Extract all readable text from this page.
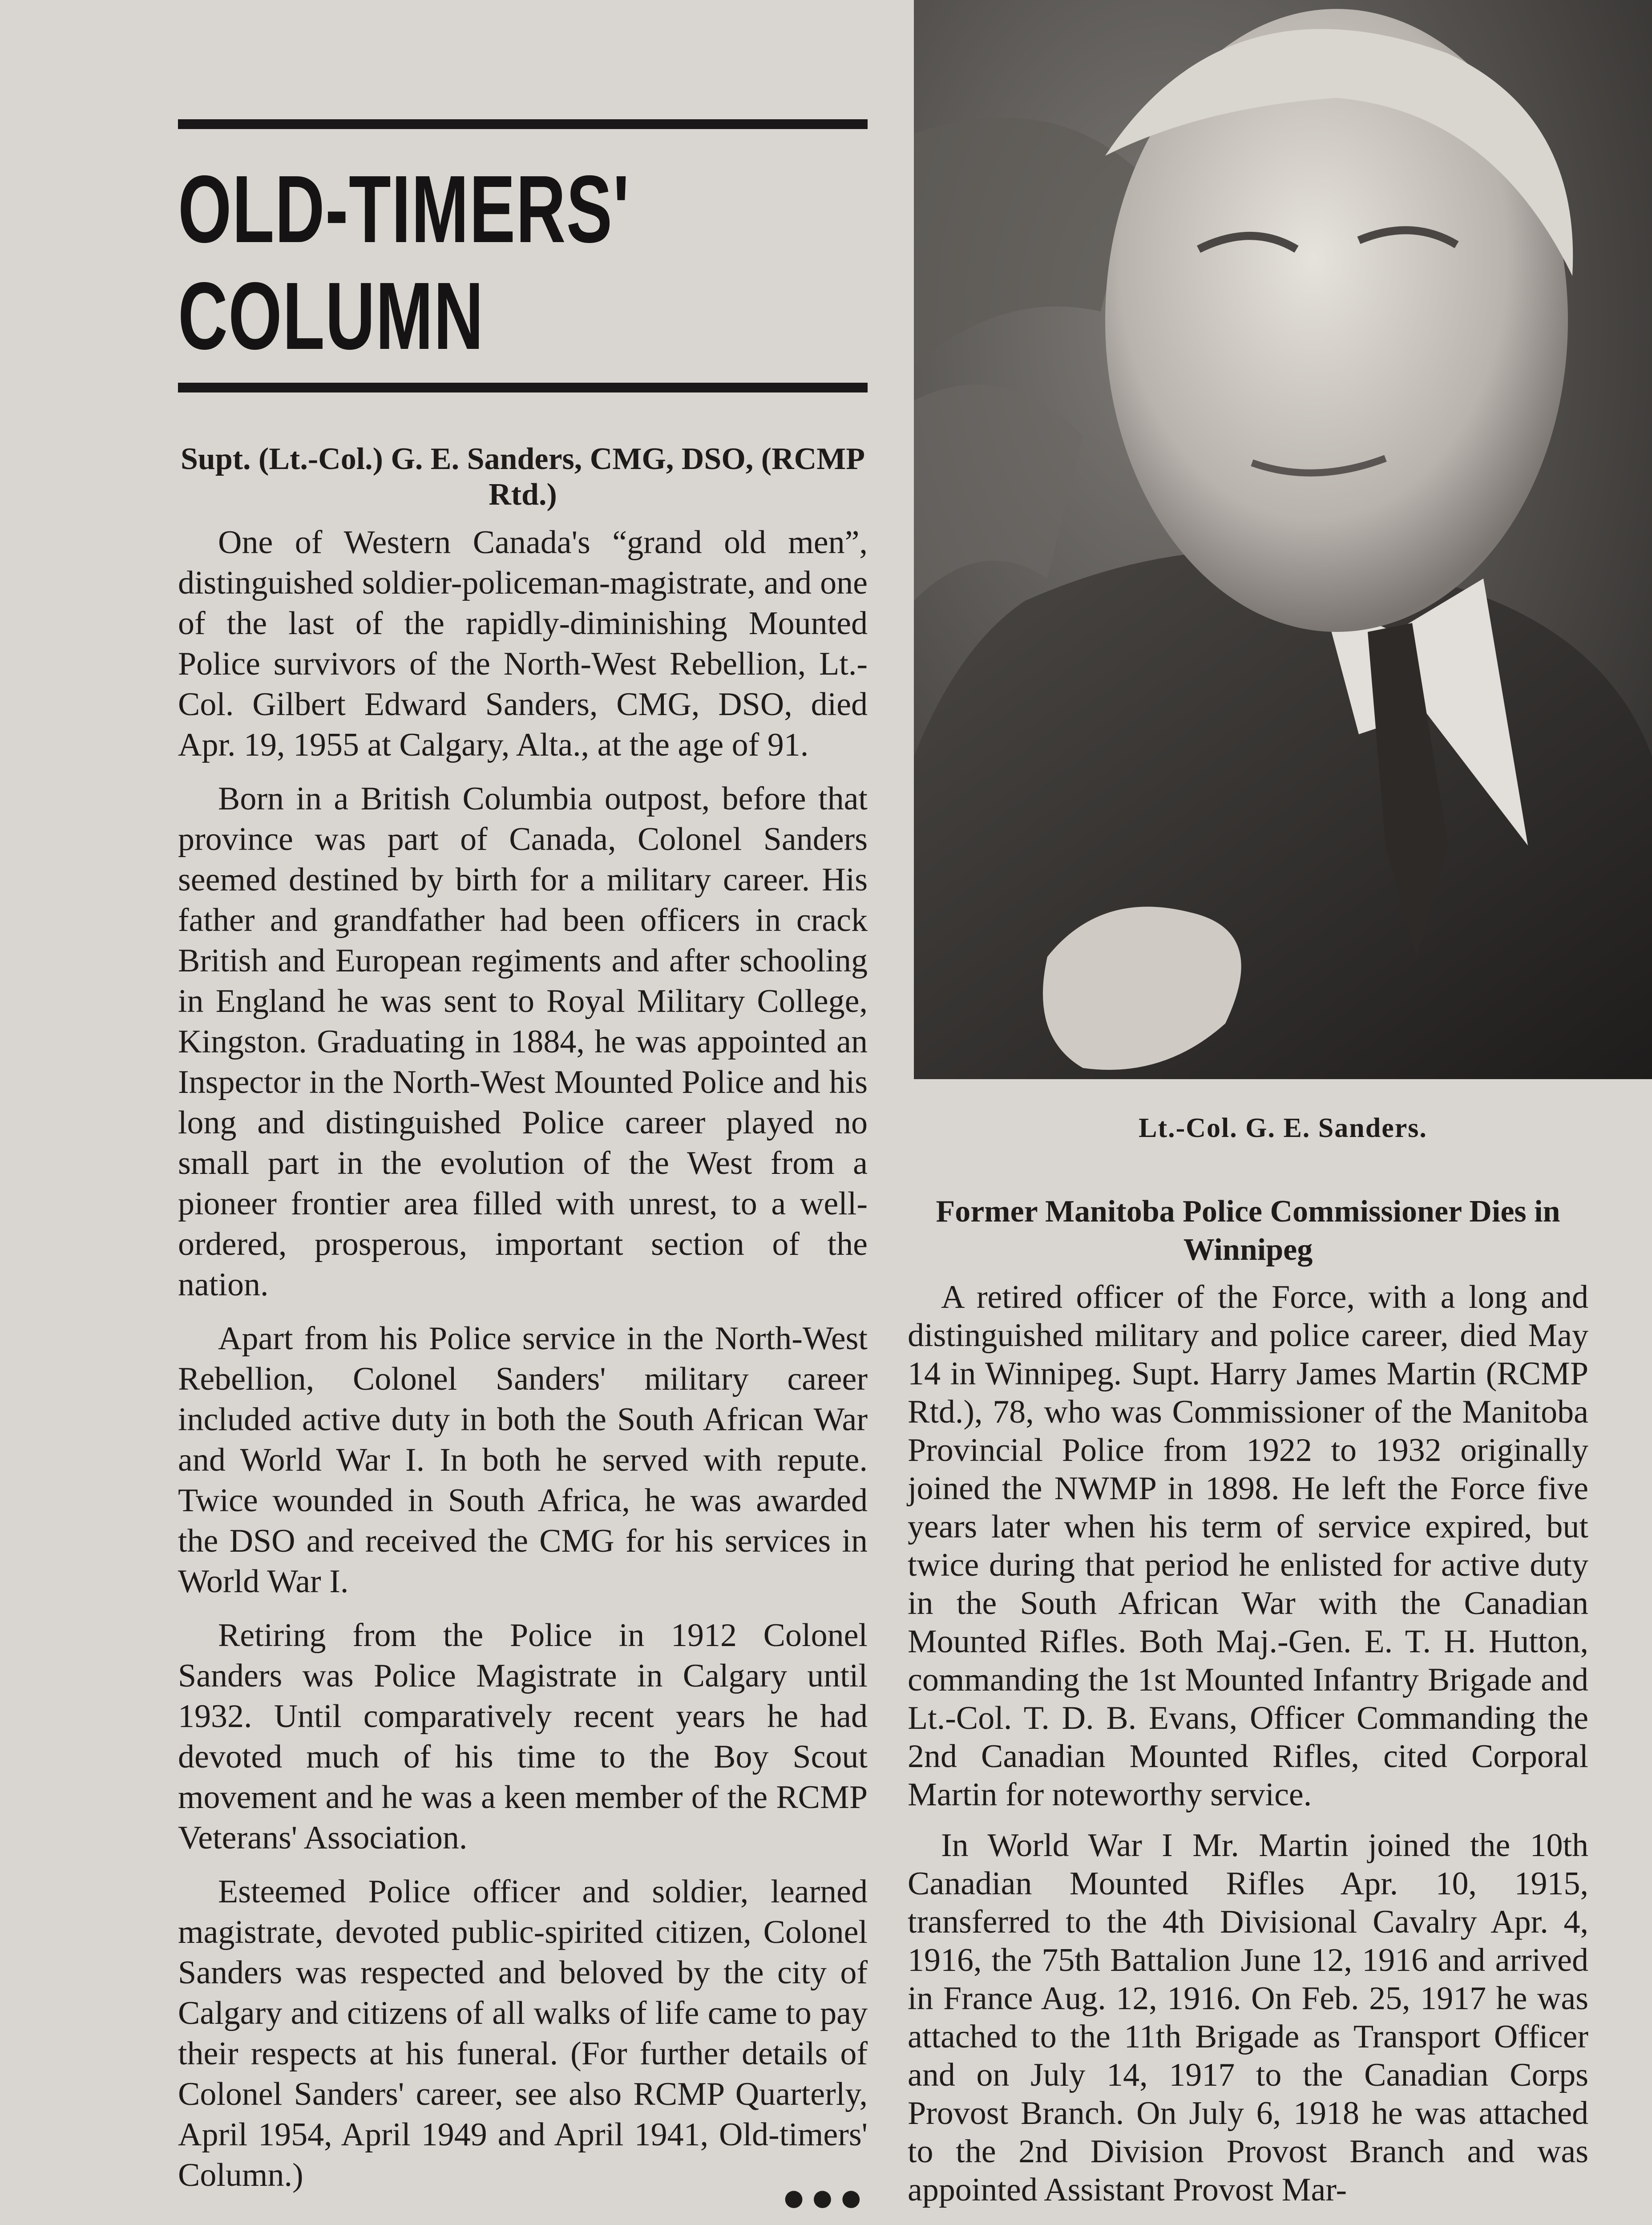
OLD-TIMERS'
COLUMN
Supt. (Lt.-Col.) G. E. Sanders, CMG, DSO, (RCMP Rtd.)

One of Western Canada's “grand old men”, distinguished soldier-policeman-magistrate, and one of the last of the rapidly-diminishing Mounted Police survivors of the North-West Rebellion, Lt.-Col. Gilbert Edward Sanders, CMG, DSO, died Apr. 19, 1955 at Calgary, Alta., at the age of 91.

Born in a British Columbia outpost, before that province was part of Canada, Colonel Sanders seemed destined by birth for a military career. His father and grandfather had been officers in crack British and European regiments and after schooling in England he was sent to Royal Military College, Kingston. Graduating in 1884, he was appointed an Inspector in the North-West Mounted Police and his long and distinguished Police career played no small part in the evolution of the West from a pioneer frontier area filled with unrest, to a well-ordered, prosperous, important section of the nation.

Apart from his Police service in the North-West Rebellion, Colonel Sanders' military career included active duty in both the South African War and World War I. In both he served with repute. Twice wounded in South Africa, he was awarded the DSO and received the CMG for his services in World War I.

Retiring from the Police in 1912 Colonel Sanders was Police Magistrate in Calgary until 1932. Until comparatively recent years he had devoted much of his time to the Boy Scout movement and he was a keen member of the RCMP Veterans' Association.

Esteemed Police officer and soldier, learned magistrate, devoted public-spirited citizen, Colonel Sanders was respected and beloved by the city of Calgary and citizens of all walks of life came to pay their respects at his funeral. (For further details of Colonel Sanders' career, see also RCMP Quarterly, April 1954, April 1949 and April 1941, Old-timers' Column.)

●●●
Lt.-Col. G. E. Sanders.
Former Manitoba Police Commissioner Dies in Winnipeg

A retired officer of the Force, with a long and distinguished military and police career, died May 14 in Winnipeg. Supt. Harry James Martin (RCMP Rtd.), 78, who was Commissioner of the Manitoba Provincial Police from 1922 to 1932 originally joined the NWMP in 1898. He left the Force five years later when his term of service expired, but twice during that period he enlisted for active duty in the South African War with the Canadian Mounted Rifles. Both Maj.-Gen. E. T. H. Hutton, commanding the 1st Mounted Infantry Brigade and Lt.-Col. T. D. B. Evans, Officer Commanding the 2nd Canadian Mounted Rifles, cited Corporal Martin for noteworthy service.

In World War I Mr. Martin joined the 10th Canadian Mounted Rifles Apr. 10, 1915, transferred to the 4th Divisional Cavalry Apr. 4, 1916, the 75th Battalion June 12, 1916 and arrived in France Aug. 12, 1916. On Feb. 25, 1917 he was attached to the 11th Brigade as Transport Officer and on July 14, 1917 to the Canadian Corps Provost Branch. On July 6, 1918 he was attached to the 2nd Division Provost Branch and was appointed Assistant Provost Mar-
